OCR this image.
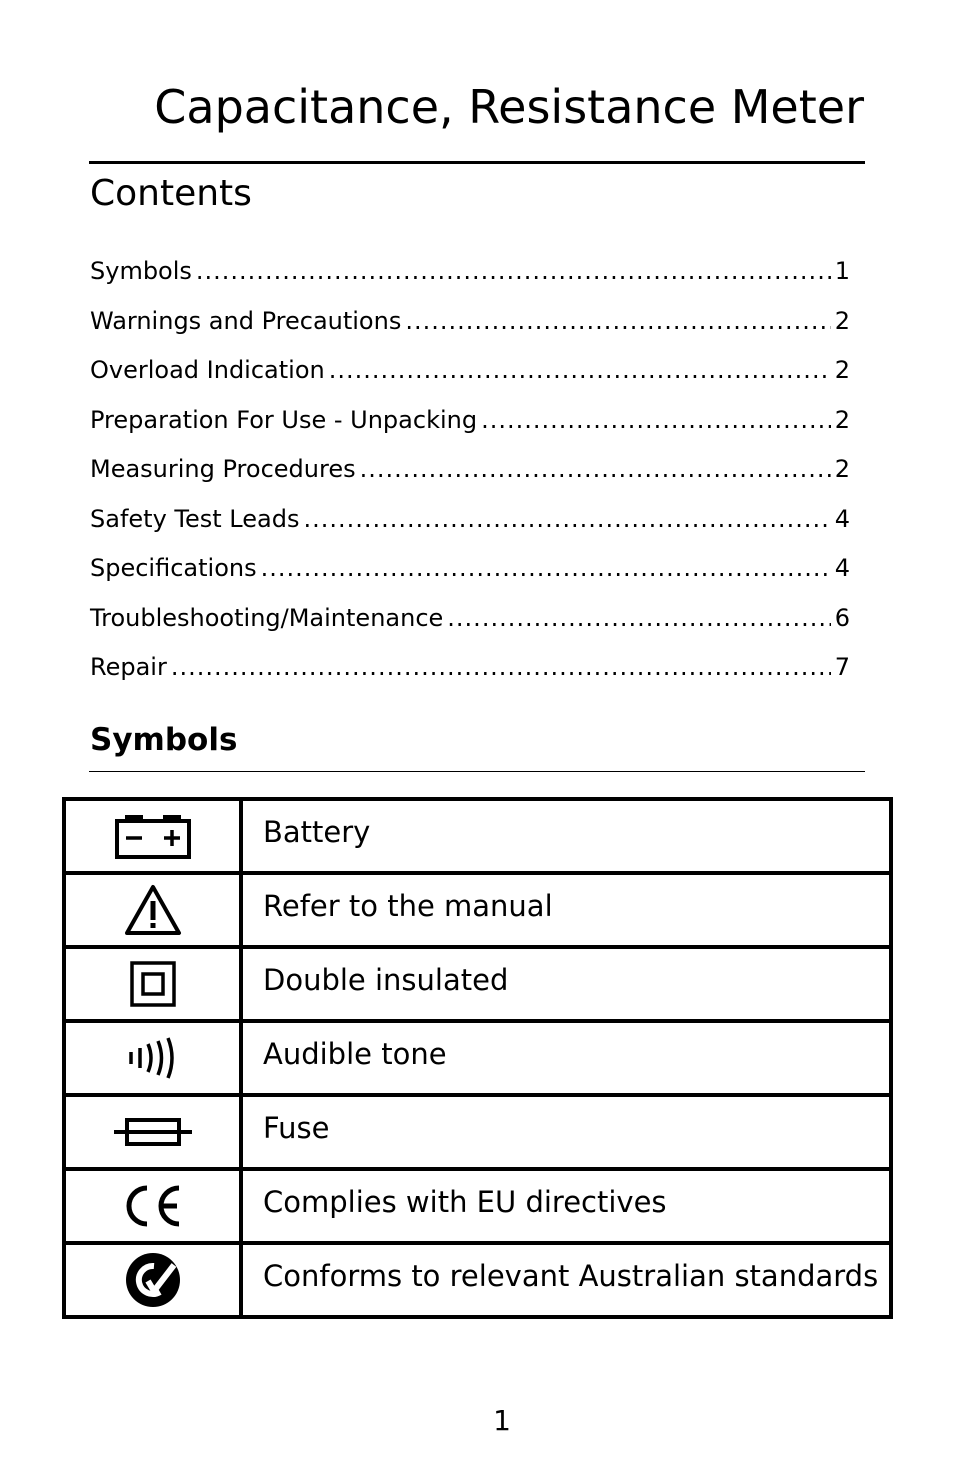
Capacitance, Resistance Meter
Contents
Symbols .....	1
Warnings and Precautions .....	2
Overload Indication .....	2
Preparation For Use - Unpacking .....	2
Measuring Procedures .....	2
Safety Test Leads .....	4
Specifications .....	4
Troubleshooting/Maintenance .....	6
Repair .....	7
Symbols
	Battery
	Refer to the manual
	Double insulated
	Audible tone
	Fuse
	Complies with EU directives
	Conforms to relevant Australian standards

1
